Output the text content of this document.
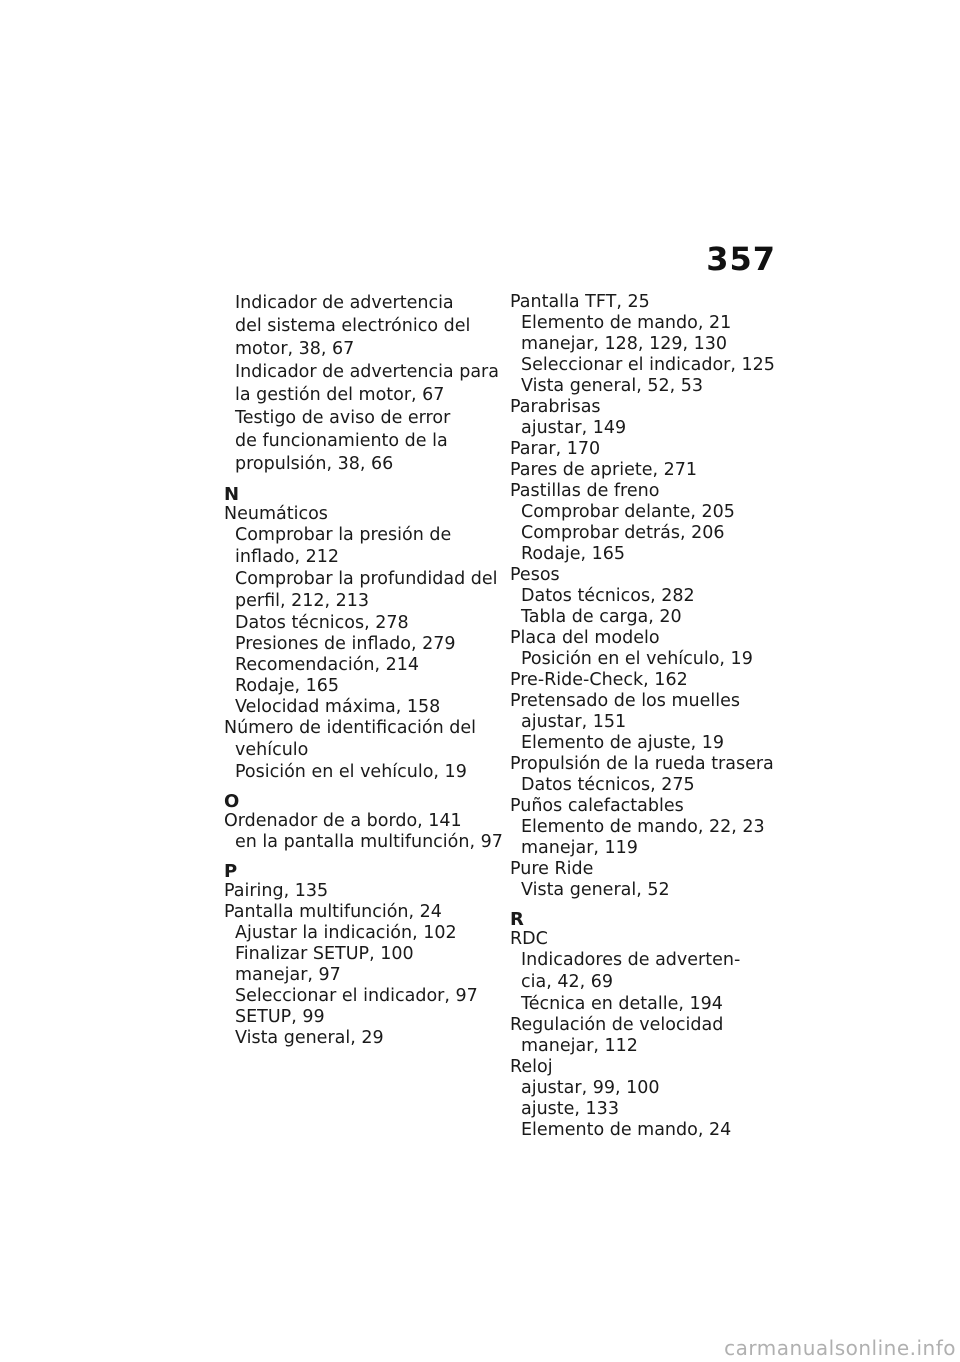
357
Indicador de advertencia
del sistema electrónico del
motor, 38, 67
Indicador de advertencia para
la gestión del motor, 67
Testigo de aviso de error
de funcionamiento de la
propulsión, 38, 66
N
Neumáticos
Comprobar la presión de
inflado, 212
Comprobar la profundidad del
perfil, 212, 213
Datos técnicos, 278
Presiones de inflado, 279
Recomendación, 214
Rodaje, 165
Velocidad máxima, 158
Número de identificación del
vehículo
Posición en el vehículo, 19
O
Ordenador de a bordo, 141
en la pantalla multifunción, 97
P
Pairing, 135
Pantalla multifunción, 24
Ajustar la indicación, 102
Finalizar SETUP, 100
manejar, 97
Seleccionar el indicador, 97
SETUP, 99
Vista general, 29
Pantalla TFT, 25
Elemento de mando, 21
manejar, 128, 129, 130
Seleccionar el indicador, 125
Vista general, 52, 53
Parabrisas
ajustar, 149
Parar, 170
Pares de apriete, 271
Pastillas de freno
Comprobar delante, 205
Comprobar detrás, 206
Rodaje, 165
Pesos
Datos técnicos, 282
Tabla de carga, 20
Placa del modelo
Posición en el vehículo, 19
Pre-Ride-Check, 162
Pretensado de los muelles
ajustar, 151
Elemento de ajuste, 19
Propulsión de la rueda trasera
Datos técnicos, 275
Puños calefactables
Elemento de mando, 22, 23
manejar, 119
Pure Ride
Vista general, 52
R
RDC
Indicadores de adverten-
cia, 42, 69
Técnica en detalle, 194
Regulación de velocidad
manejar, 112
Reloj
ajustar, 99, 100
ajuste, 133
Elemento de mando, 24
carmanualsonline.info
